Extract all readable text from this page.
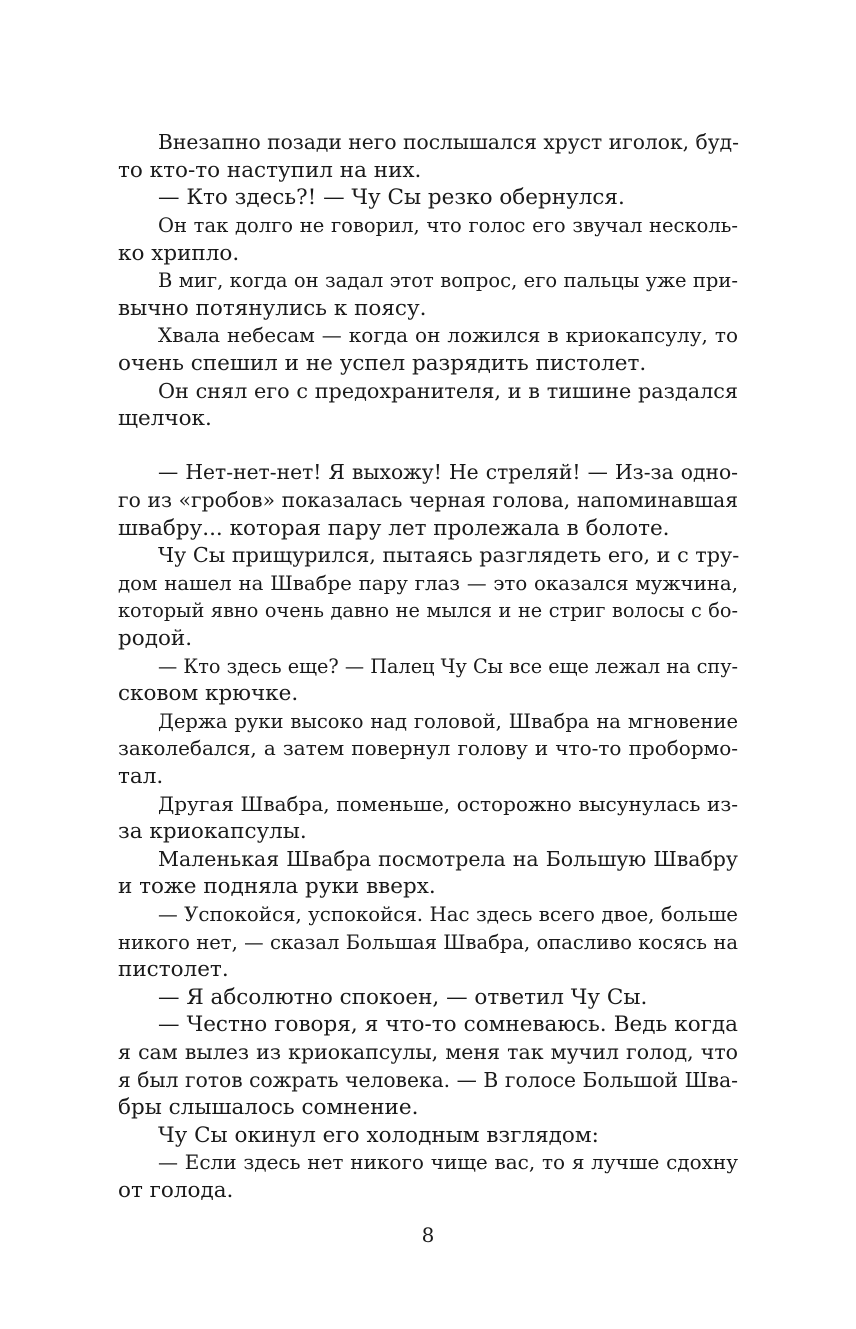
Внезапно позади него послышался хруст иголок, буд-
то кто-то наступил на них.
— Кто здесь?! — Чу Сы резко обернулся.
Он так долго не говорил, что голос его звучал несколь-
ко хрипло.
В миг, когда он задал этот вопрос, его пальцы уже при-
вычно потянулись к поясу.
Хвала небесам — когда он ложился в криокапсулу, то
очень спешил и не успел разрядить пистолет.
Он снял его с предохранителя, и в тишине раздался
щелчок.
— Нет-нет-нет! Я выхожу! Не стреляй! — Из-за одно-
го из «гробов» показалась черная голова, напоминавшая
швабру... которая пару лет пролежала в болоте.
Чу Сы прищурился, пытаясь разглядеть его, и с тру-
дом нашел на Швабре пару глаз — это оказался мужчина,
который явно очень давно не мылся и не стриг волосы с бо-
родой.
— Кто здесь еще? — Палец Чу Сы все еще лежал на спу-
сковом крючке.
Держа руки высоко над головой, Швабра на мгновение
заколебался, а затем повернул голову и что-то пробормо-
тал.
Другая Швабра, поменьше, осторожно высунулась из-
за криокапсулы.
Маленькая Швабра посмотрела на Большую Швабру
и тоже подняла руки вверх.
— Успокойся, успокойся. Нас здесь всего двое, больше
никого нет, — сказал Большая Швабра, опасливо косясь на
пистолет.
— Я абсолютно спокоен, — ответил Чу Сы.
— Честно говоря, я что-то сомневаюсь. Ведь когда
я сам вылез из криокапсулы, меня так мучил голод, что
я был готов сожрать человека. — В голосе Большой Шва-
бры слышалось сомнение.
Чу Сы окинул его холодным взглядом:
— Если здесь нет никого чище вас, то я лучше сдохну
от голода.
8
